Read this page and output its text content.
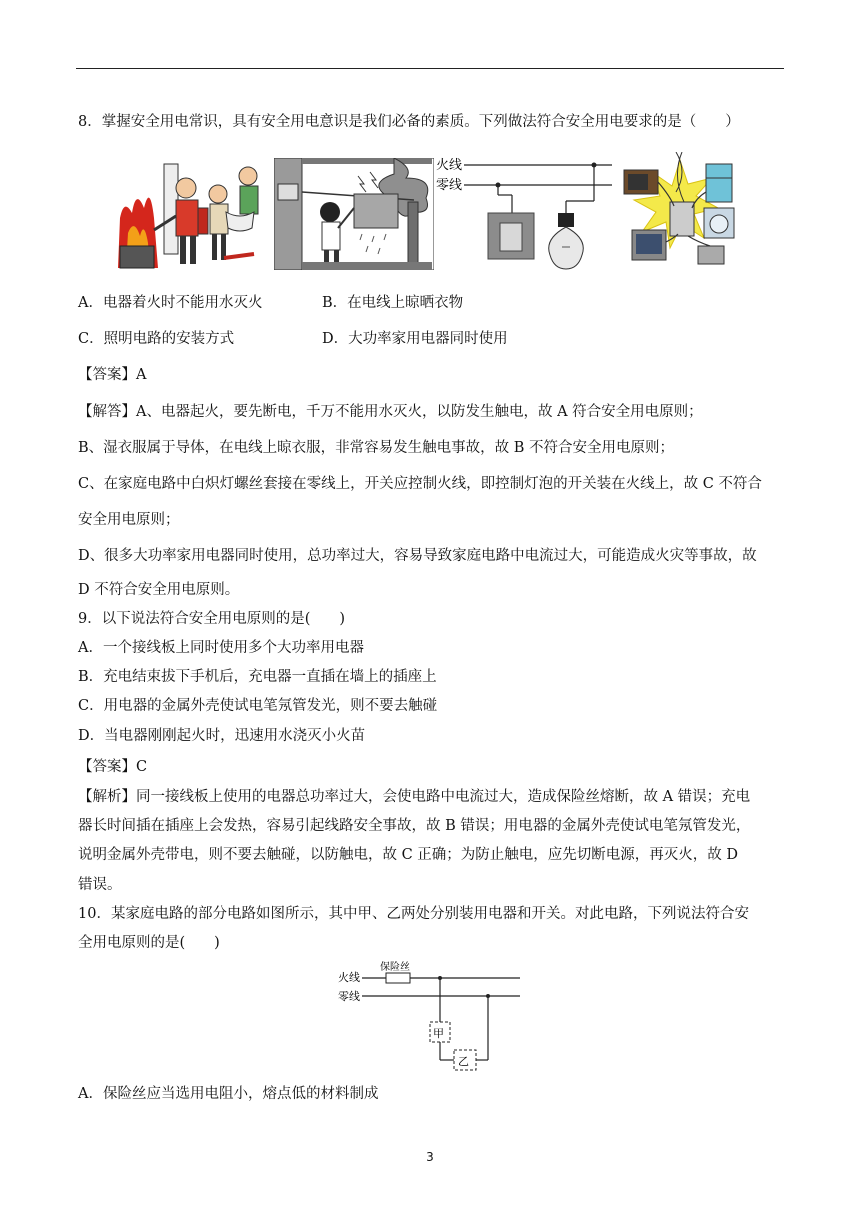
8．掌握安全用电常识，具有安全用电意识是我们必备的素质。下列做法符合安全用电要求的是（　　）
火线
零线
A．电器着火时不能用水灭火	B．在电线上晾晒衣物
C．照明电路的安装方式	D．大功率家用电器同时使用
【答案】A
【解答】A、电器起火，要先断电，千万不能用水灭火，以防发生触电，故 A 符合安全用电原则；
B、湿衣服属于导体，在电线上晾衣服，非常容易发生触电事故，故 B 不符合安全用电原则；
C、在家庭电路中白炽灯螺丝套接在零线上，开关应控制火线，即控制灯泡的开关装在火线上，故 C 不符合
安全用电原则；
D、很多大功率家用电器同时使用，总功率过大，容易导致家庭电路中电流过大，可能造成火灾等事故，故
D 不符合安全用电原则。
9．以下说法符合安全用电原则的是(　　)
A．一个接线板上同时使用多个大功率用电器
B．充电结束拔下手机后，充电器一直插在墙上的插座上
C．用电器的金属外壳使试电笔氖管发光，则不要去触碰
D．当电器刚刚起火时，迅速用水浇灭小火苗
【答案】C
【解析】同一接线板上使用的电器总功率过大，会使电路中电流过大，造成保险丝熔断，故 A 错误；充电
器长时间插在插座上会发热，容易引起线路安全事故，故 B 错误；用电器的金属外壳使试电笔氖管发光，
说明金属外壳带电，则不要去触碰，以防触电，故 C 正确；为防止触电，应先切断电源，再灭火，故 D
错误。
10．某家庭电路的部分电路如图所示，其中甲、乙两处分别装用电器和开关。对此电路，下列说法符合安
全用电原则的是(　　)
火线
零线
保险丝
甲
乙
A．保险丝应当选用电阻小，熔点低的材料制成
3
